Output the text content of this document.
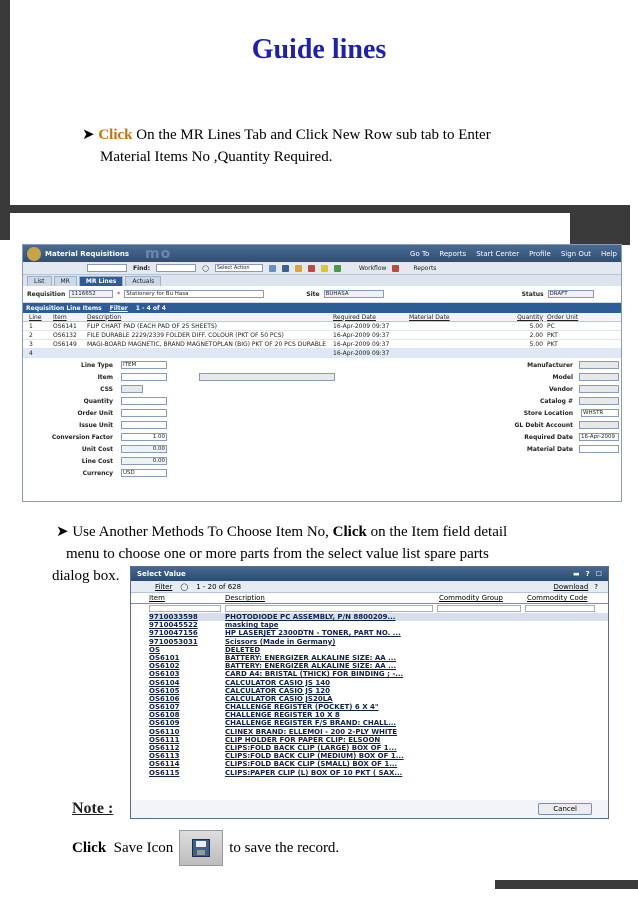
Guide lines
➤ Click On the MR Lines Tab and Click New Row sub tab to Enter
Material Items No ,Quantity Required.
Material Requisitions mo	Go To Reports Start Center Profile Sign Out Help
Find:	◯	Select Action	Workflow	Reports
List	MR	MR Lines	Actuals
Requisition	1116652	*	Stationery for Bu Hasa	Site	BUHASA	Status	DRAFT
Requisition Line Items Filter 1 - 4 of 4
Line	Item	Description	Required Date	Material Date	Quantity Order Unit
1	OS6141	FLIP CHART PAD (EACH PAD OF 25 SHEETS)	16-Apr-2009 09:37	5.00 PC
2	OS6132	FILE DURABLE 2229/2339 FOLDER DIFF. COLOUR (PKT OF 50 PCS)	16-Apr-2009 09:37	2.00 PKT
3	OS6149	MAGI-BOARD MAGNETIC, BRAND MAGNETOPLAN (BIG) PKT OF 20 PCS DURABLE	16-Apr-2009 09:37	5.00 PKT
4	16-Apr-2009 09:37
Line Type	ITEM
Item
CSS
Quantity
Order Unit
Issue Unit
Conversion Factor	1.00
Unit Cost	0.00
Line Cost	0.00
Currency	USD
Manufacturer
Model
Vendor
Catalog #
Store Location	WHSTR
GL Debit Account
Required Date	16-Apr-2009
Material Date
➤ Use Another Methods To Choose Item No, Click on the Item field detail
menu to choose one or more parts from the select value list spare parts
dialog box.	Select Value	▬ ? ☐
Filter ◯ 1 - 20 of 628	Download ?
Item	Description	Commodity Group	Commodity Code
9710033598	PHOTODIODE PC ASSEMBLY, P/N 8800209...
9710045522	masking tape
9710047156	HP LASERJET 2300DTN - TONER, PART NO. ...
9710053031	Scissors (Made in Germany)
OS	DELETED
OS6101	BATTERY: ENERGIZER ALKALINE SIZE: AA ...
OS6102	BATTERY: ENERGIZER ALKALINE SIZE: AA ...
OS6103	CARD A4: BRISTAL (THICK) FOR BINDING ; -...
OS6104	CALCULATOR CASIO JS 140
OS6105	CALCULATOR CASIO JS 120
OS6106	CALCULATOR CASIO JS20LA
OS6107	CHALLENGE REGISTER (POCKET) 6 X 4"
OS6108	CHALLENGE REGISTER 10 X 8
OS6109	CHALLENGE REGISTER F/S BRAND: CHALL...
OS6110	CLINEX BRAND: ELLEMOI - 200 2-PLY WHITE
OS6111	CLIP HOLDER FOR PAPER CLIP: ELSOON
OS6112	CLIPS:FOLD BACK CLIP (LARGE) BOX OF 1...
OS6113	CLIPS:FOLD BACK CLIP (MEDIUM) BOX OF 1...
OS6114	CLIPS:FOLD BACK CLIP (SMALL) BOX OF 1...
OS6115	CLIPS:PAPER CLIP (L) BOX OF 10 PKT ( SAX...
Cancel
Note :
Click Save Icon	to save the record.
